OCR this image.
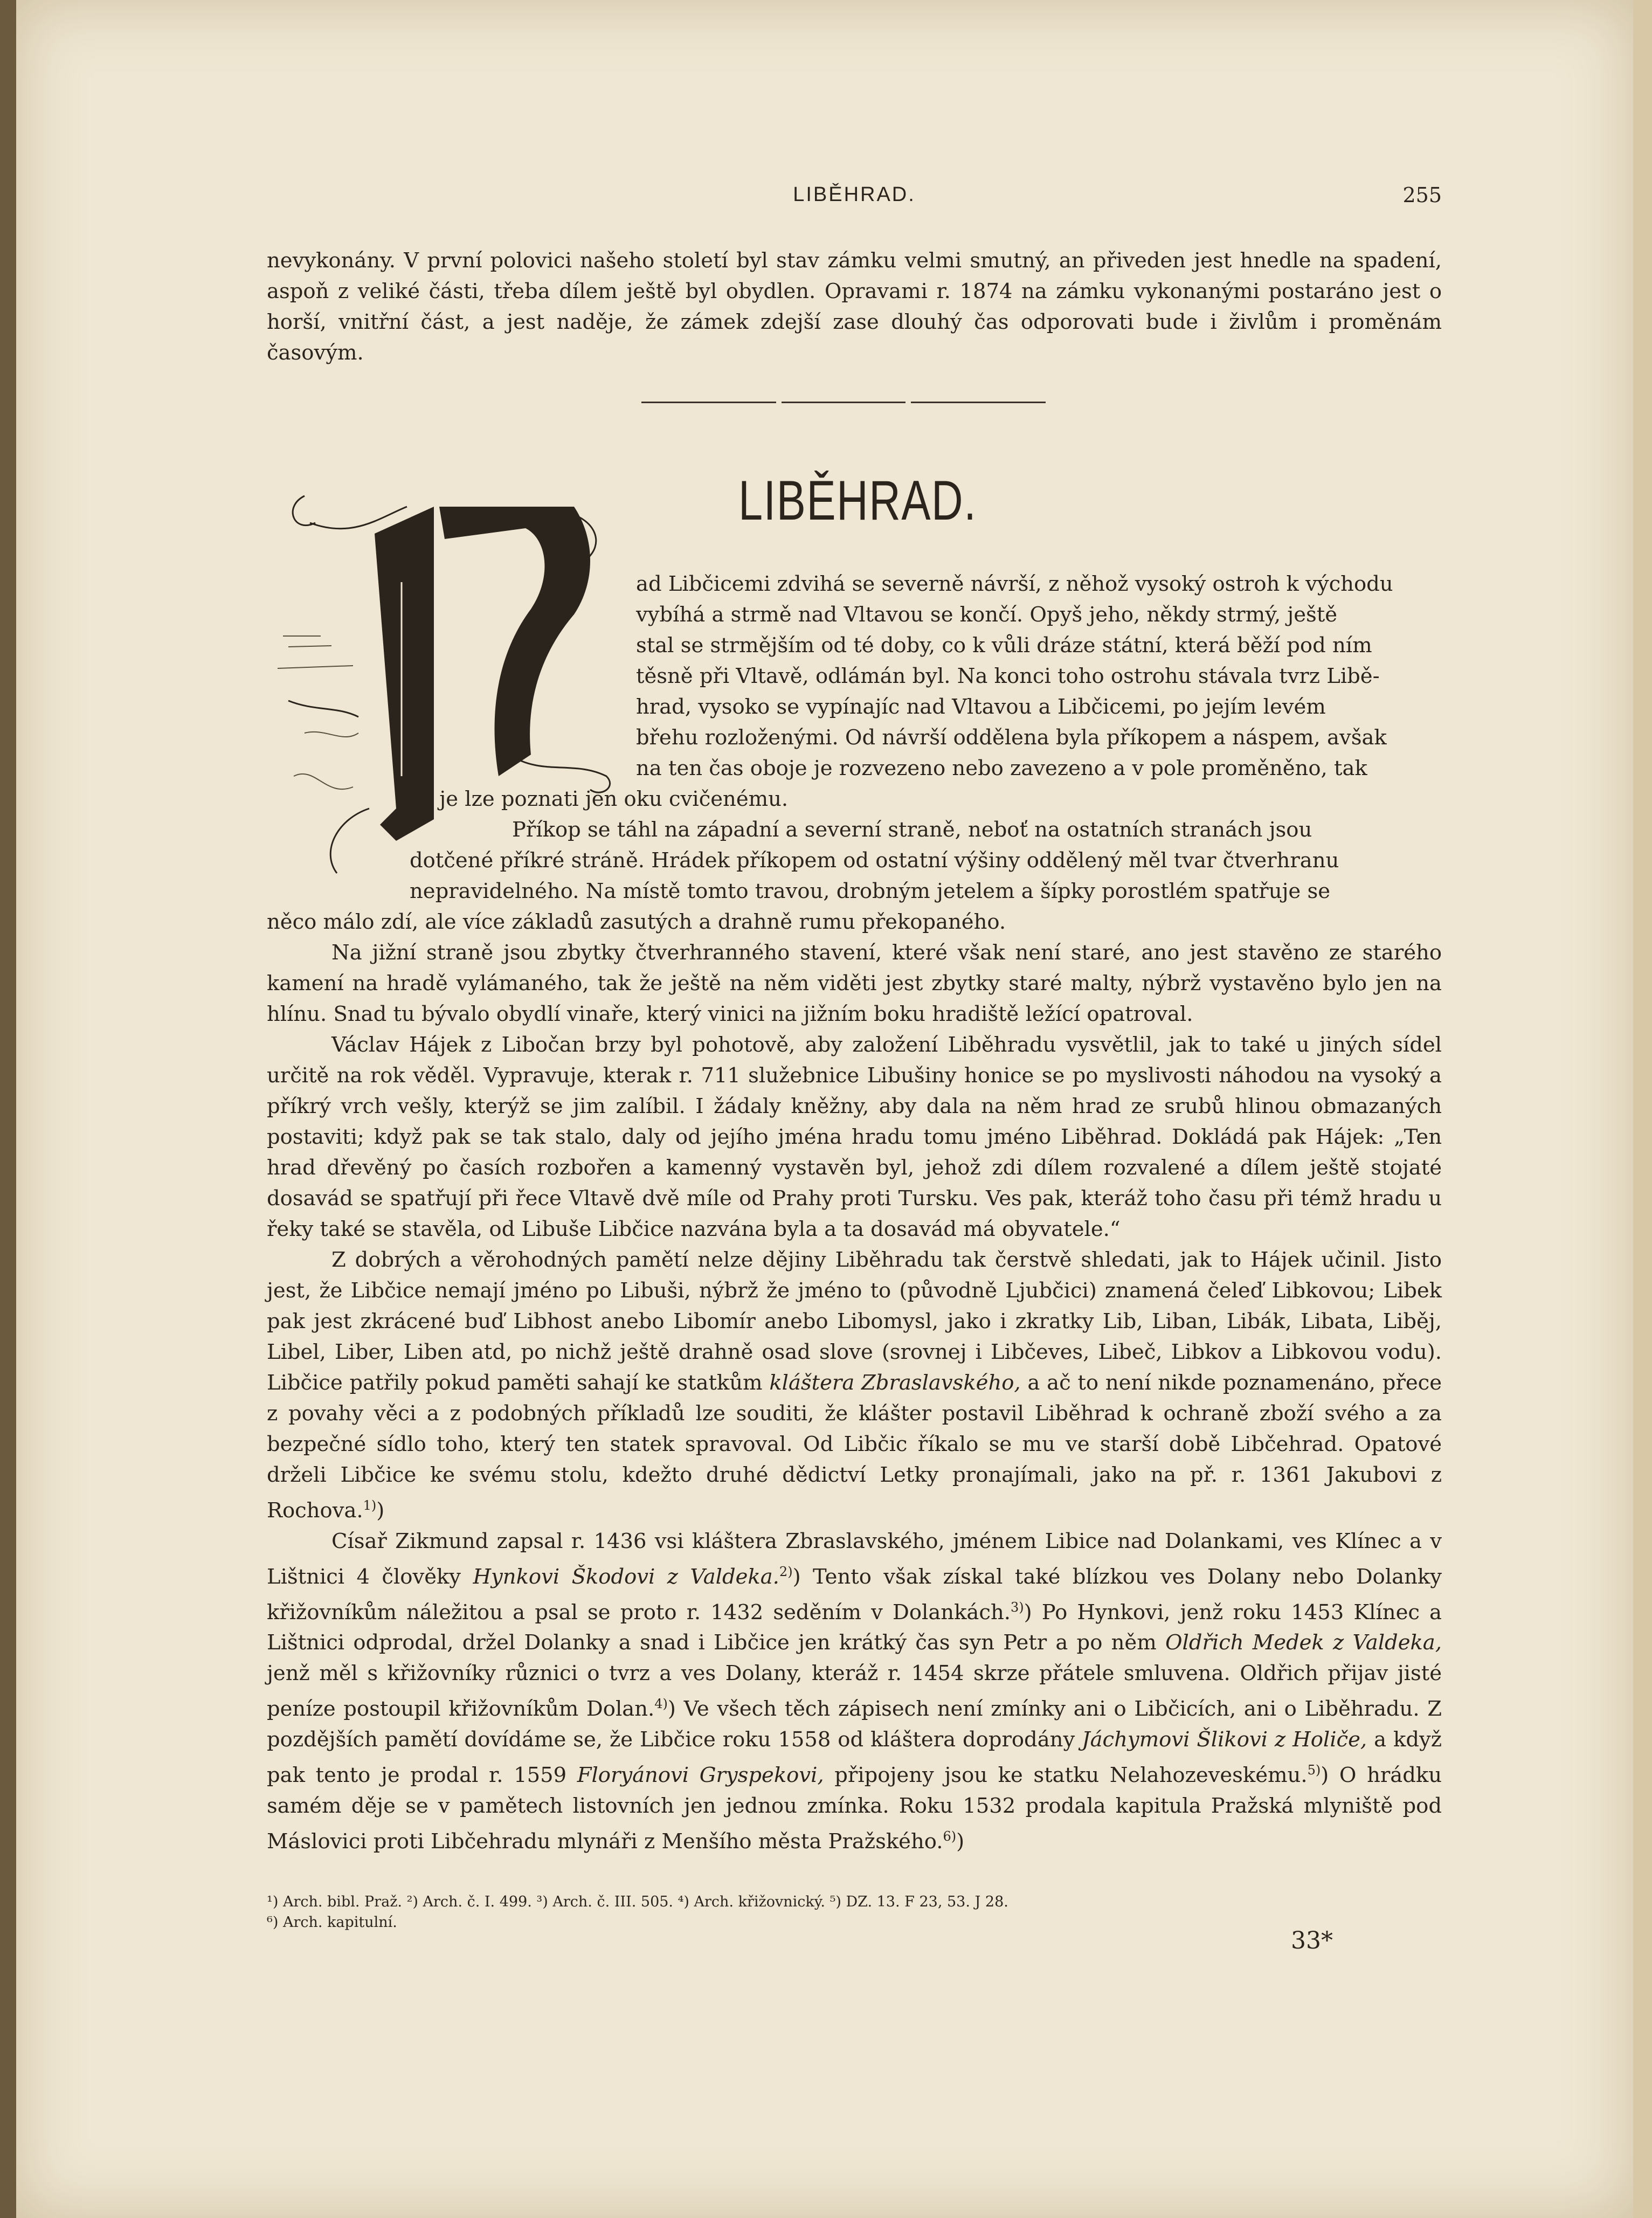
LIBĚHRAD.	255

nevykonány. V první polovici našeho století byl stav zámku velmi smutný, an přiveden jest hnedle na spadení, aspoň z veliké části, třeba dílem ještě byl obydlen. Opravami r. 1874 na zámku vykonanými postaráno jest o horší, vnitřní část, a jest naděje, že zámek zdejší zase dlouhý čas odporovati bude i živlům i proměnám časovým.

LIBĚHRAD.

ad Libčicemi zdvihá se severně návrší, z něhož vysoký ostroh k východu

vybíhá a strmě nad Vltavou se končí. Opyš jeho, někdy strmý, ještě

stal se strmějším od té doby, co k vůli dráze státní, která běží pod ním

těsně při Vltavě, odlámán byl. Na konci toho ostrohu stávala tvrz Libě-

hrad, vysoko se vypínajíc nad Vltavou a Libčicemi, po jejím levém

břehu rozloženými. Od návrší oddělena byla příkopem a náspem, avšak

na ten čas oboje je rozvezeno nebo zavezeno a v pole proměněno, tak

že je lze poznati jen oku cvičenému.

Příkop se táhl na západní a severní straně, neboť na ostatních stranách jsou

dotčené příkré stráně. Hrádek příkopem od ostatní výšiny oddělený měl tvar čtverhranu

nepravidelného. Na místě tomto travou, drobným jetelem a šípky porostlém spatřuje se

něco málo zdí, ale více základů zasutých a drahně rumu překopaného.

Na jižní straně jsou zbytky čtverhranného stavení, které však není staré, ano jest stavěno ze starého kamení na hradě vylámaného, tak že ještě na něm viděti jest zbytky staré malty, nýbrž vystavěno bylo jen na hlínu. Snad tu bývalo obydlí vinaře, který vinici na jižním boku hradiště ležící opatroval.

Václav Hájek z Libočan brzy byl pohotově, aby založení Liběhradu vysvětlil, jak to také u jiných sídel určitě na rok věděl. Vypravuje, kterak r. 711 služebnice Libušiny honice se po myslivosti náhodou na vysoký a příkrý vrch vešly, kterýž se jim zalíbil. I žádaly kněžny, aby dala na něm hrad ze srubů hlinou obmazaných postaviti; když pak se tak stalo, daly od jejího jména hradu tomu jméno Liběhrad. Dokládá pak Hájek: „Ten hrad dřevěný po časích rozbořen a kamenný vystavěn byl, jehož zdi dílem rozvalené a dílem ještě stojaté dosavád se spatřují při řece Vltavě dvě míle od Prahy proti Tursku. Ves pak, kteráž toho času při témž hradu u řeky také se stavěla, od Libuše Libčice nazvána byla a ta dosavád má obyvatele.“

Z dobrých a věrohodných pamětí nelze dějiny Liběhradu tak čerstvě shledati, jak to Hájek učinil. Jisto jest, že Libčice nemají jméno po Libuši, nýbrž že jméno to (původně Ljubčici) znamená čeleď Libkovou; Libek pak jest zkrácené buď Libhost anebo Libomír anebo Libomysl, jako i zkratky Lib, Liban, Libák, Libata, Liběj, Libel, Liber, Liben atd, po nichž ještě drahně osad slove (srovnej i Libčeves, Libeč, Libkov a Libkovou vodu). Libčice patřily pokud paměti sahají ke statkům kláštera Zbraslavského, a ač to není nikde poznamenáno, přece z povahy věci a z podobných příkladů lze souditi, že klášter postavil Liběhrad k ochraně zboží svého a za bezpečné sídlo toho, který ten statek spravoval. Od Libčic říkalo se mu ve starší době Libčehrad. Opatové drželi Libčice ke svému stolu, kdežto druhé dědictví Letky pronajímali, jako na př. r. 1361 Jakubovi z Rochova.$^{1)}$)

Císař Zikmund zapsal r. 1436 vsi kláštera Zbraslavského, jménem Libice nad Dolankami, ves Klínec a v Lištnici 4 člověky Hynkovi Škodovi z Valdeka.$^{2)}$) Tento však získal také blízkou ves Dolany nebo Dolanky křižovníkům náležitou a psal se proto r. 1432 seděním v Dolankách.$^{3)}$) Po Hynkovi, jenž roku 1453 Klínec a Lištnici odprodal, držel Dolanky a snad i Libčice jen krátký čas syn Petr a po něm Oldřich Medek z Valdeka, jenž měl s křižovníky různici o tvrz a ves Dolany, kteráž r. 1454 skrze přátele smluvena. Oldřich přijav jisté peníze postoupil křižovníkům Dolan.$^{4)}$) Ve všech těch zápisech není zmínky ani o Libčicích, ani o Liběhradu. Z pozdějších pamětí dovídáme se, že Libčice roku 1558 od kláštera doprodány Jáchymovi Šlikovi z Holiče, a když pak tento je prodal r. 1559 Floryánovi Gryspekovi, připojeny jsou ke statku Nelahozeveskému.$^{5)}$) O hrádku samém děje se v pamětech listovních jen jednou zmínka. Roku 1532 prodala kapitula Pražská mlyniště pod Máslovici proti Libčehradu mlynáři z Menšího města Pražského.$^{6)}$)

¹) Arch. bibl. Praž. ²) Arch. č. I. 499. ³) Arch. č. III. 505. ⁴) Arch. křižovnický. ⁵) DZ. 13. F 23, 53. J 28.

⁶) Arch. kapitulní.

33*
